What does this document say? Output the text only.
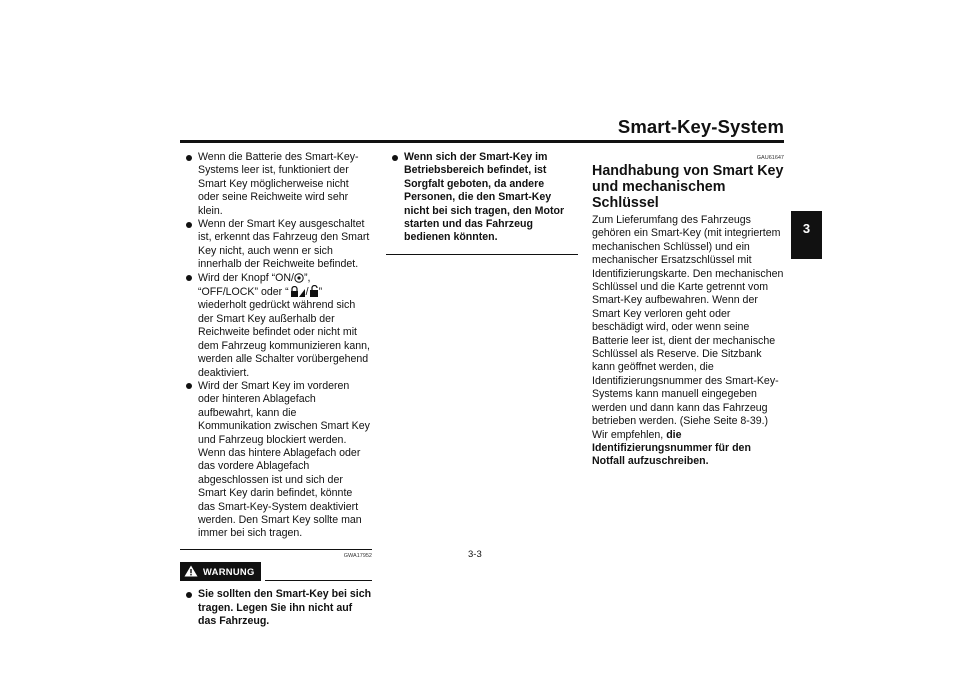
Smart-Key-System
3
Wenn die Batterie des Smart-Key-Systems leer ist, funktioniert der Smart Key möglicherweise nicht oder seine Reichweite wird sehr klein.
Wenn der Smart Key ausgeschaltet ist, erkennt das Fahrzeug den Smart Key nicht, auch wenn er sich innerhalb der Reichweite befindet.
Wird der Knopf “ON/ ”, “OFF/LOCK” oder “ / ” wiederholt gedrückt während sich der Smart Key außerhalb der Reichweite befindet oder nicht mit dem Fahrzeug kommunizieren kann, werden alle Schalter vorübergehend deaktiviert.
Wird der Smart Key im vorderen oder hinteren Ablagefach aufbewahrt, kann die Kommunikation zwischen Smart Key und Fahrzeug blockiert werden. Wenn das hintere Ablagefach oder das vordere Ablagefach abgeschlossen ist und sich der Smart Key darin befindet, könnte das Smart-Key-System deaktiviert werden. Den Smart Key sollte man immer bei sich tragen.
GWA17952
WARNUNG
Sie sollten den Smart-Key bei sich tragen. Legen Sie ihn nicht auf das Fahrzeug.
Wenn sich der Smart-Key im Betriebsbereich befindet, ist Sorgfalt geboten, da andere Personen, die den Smart-Key nicht bei sich tragen, den Motor starten und das Fahrzeug bedienen könnten.
GAU61647
Handhabung von Smart Key und mechanischem Schlüssel
Zum Lieferumfang des Fahrzeugs gehören ein Smart-Key (mit integriertem mechanischen Schlüssel) und ein mechanischer Ersatzschlüssel mit Identifizierungskarte. Den mechanischen Schlüssel und die Karte getrennt vom Smart-Key aufbewahren. Wenn der Smart Key verloren geht oder beschädigt wird, oder wenn seine Batterie leer ist, dient der mechanische Schlüssel als Reserve. Die Sitzbank kann geöffnet werden, die Identifizierungsnummer des Smart-Key-Systems kann manuell eingegeben werden und dann kann das Fahrzeug betrieben werden. (Siehe Seite 8-39.) Wir empfehlen, die Identifizierungsnummer für den Notfall aufzuschreiben.
3-3
